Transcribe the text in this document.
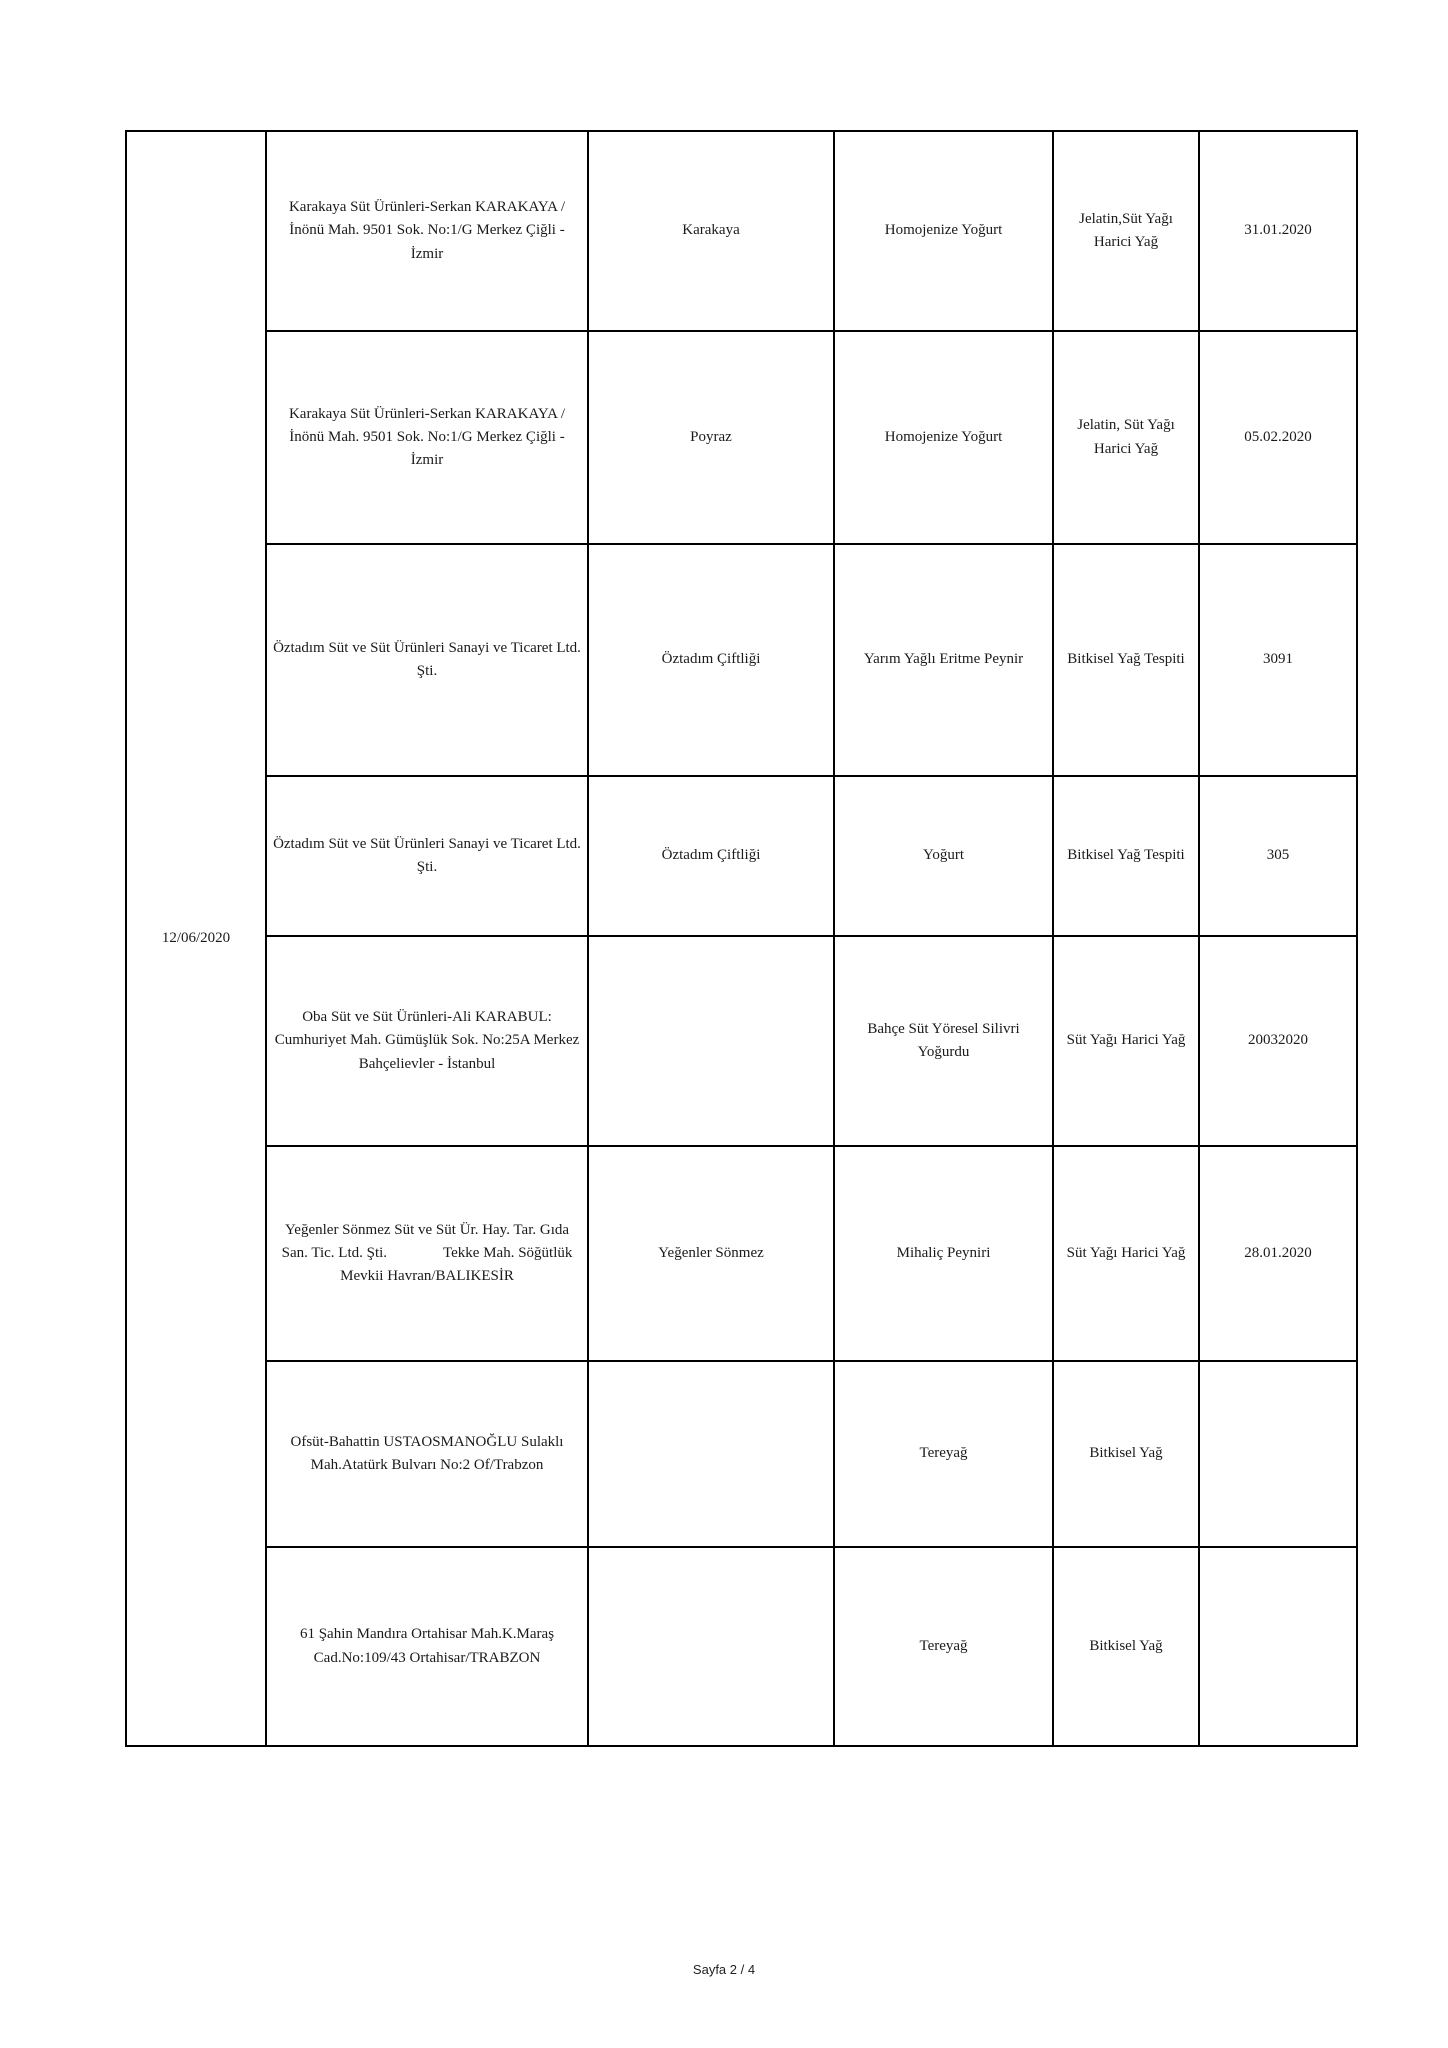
12/06/2020	Karakaya Süt Ürünleri-Serkan KARAKAYA / İnönü Mah. 9501 Sok. No:1/G Merkez Çiğli - İzmir	Karakaya	Homojenize Yoğurt	Jelatin,Süt Yağı Harici Yağ	31.01.2020
	Karakaya Süt Ürünleri-Serkan KARAKAYA / İnönü Mah. 9501 Sok. No:1/G Merkez Çiğli - İzmir	Poyraz	Homojenize Yoğurt	Jelatin, Süt Yağı Harici Yağ	05.02.2020
	Öztadım Süt ve Süt Ürünleri Sanayi ve Ticaret Ltd. Şti.	Öztadım Çiftliği	Yarım Yağlı Eritme Peynir	Bitkisel Yağ Tespiti	3091
	Öztadım Süt ve Süt Ürünleri Sanayi ve Ticaret Ltd. Şti.	Öztadım Çiftliği	Yoğurt	Bitkisel Yağ Tespiti	305
	Oba Süt ve Süt Ürünleri-Ali KARABUL: Cumhuriyet Mah. Gümüşlük Sok. No:25A Merkez Bahçelievler - İstanbul		Bahçe Süt Yöresel Silivri Yoğurdu	Süt Yağı Harici Yağ	20032020
	Yeğenler Sönmez Süt ve Süt Ür. Hay. Tar. Gıda San. Tic. Ltd. Şti.               Tekke Mah. Söğütlük Mevkii Havran/BALIKESİR	Yeğenler Sönmez	Mihaliç Peyniri	Süt Yağı Harici Yağ	28.01.2020
	Ofsüt-Bahattin USTAOSMANOĞLU Sulaklı Mah.Atatürk Bulvarı No:2 Of/Trabzon		Tereyağ	Bitkisel Yağ	
	61 Şahin Mandıra Ortahisar Mah.K.Maraş Cad.No:109/43 Ortahisar/TRABZON		Tereyağ	Bitkisel Yağ	
Sayfa 2 / 4
